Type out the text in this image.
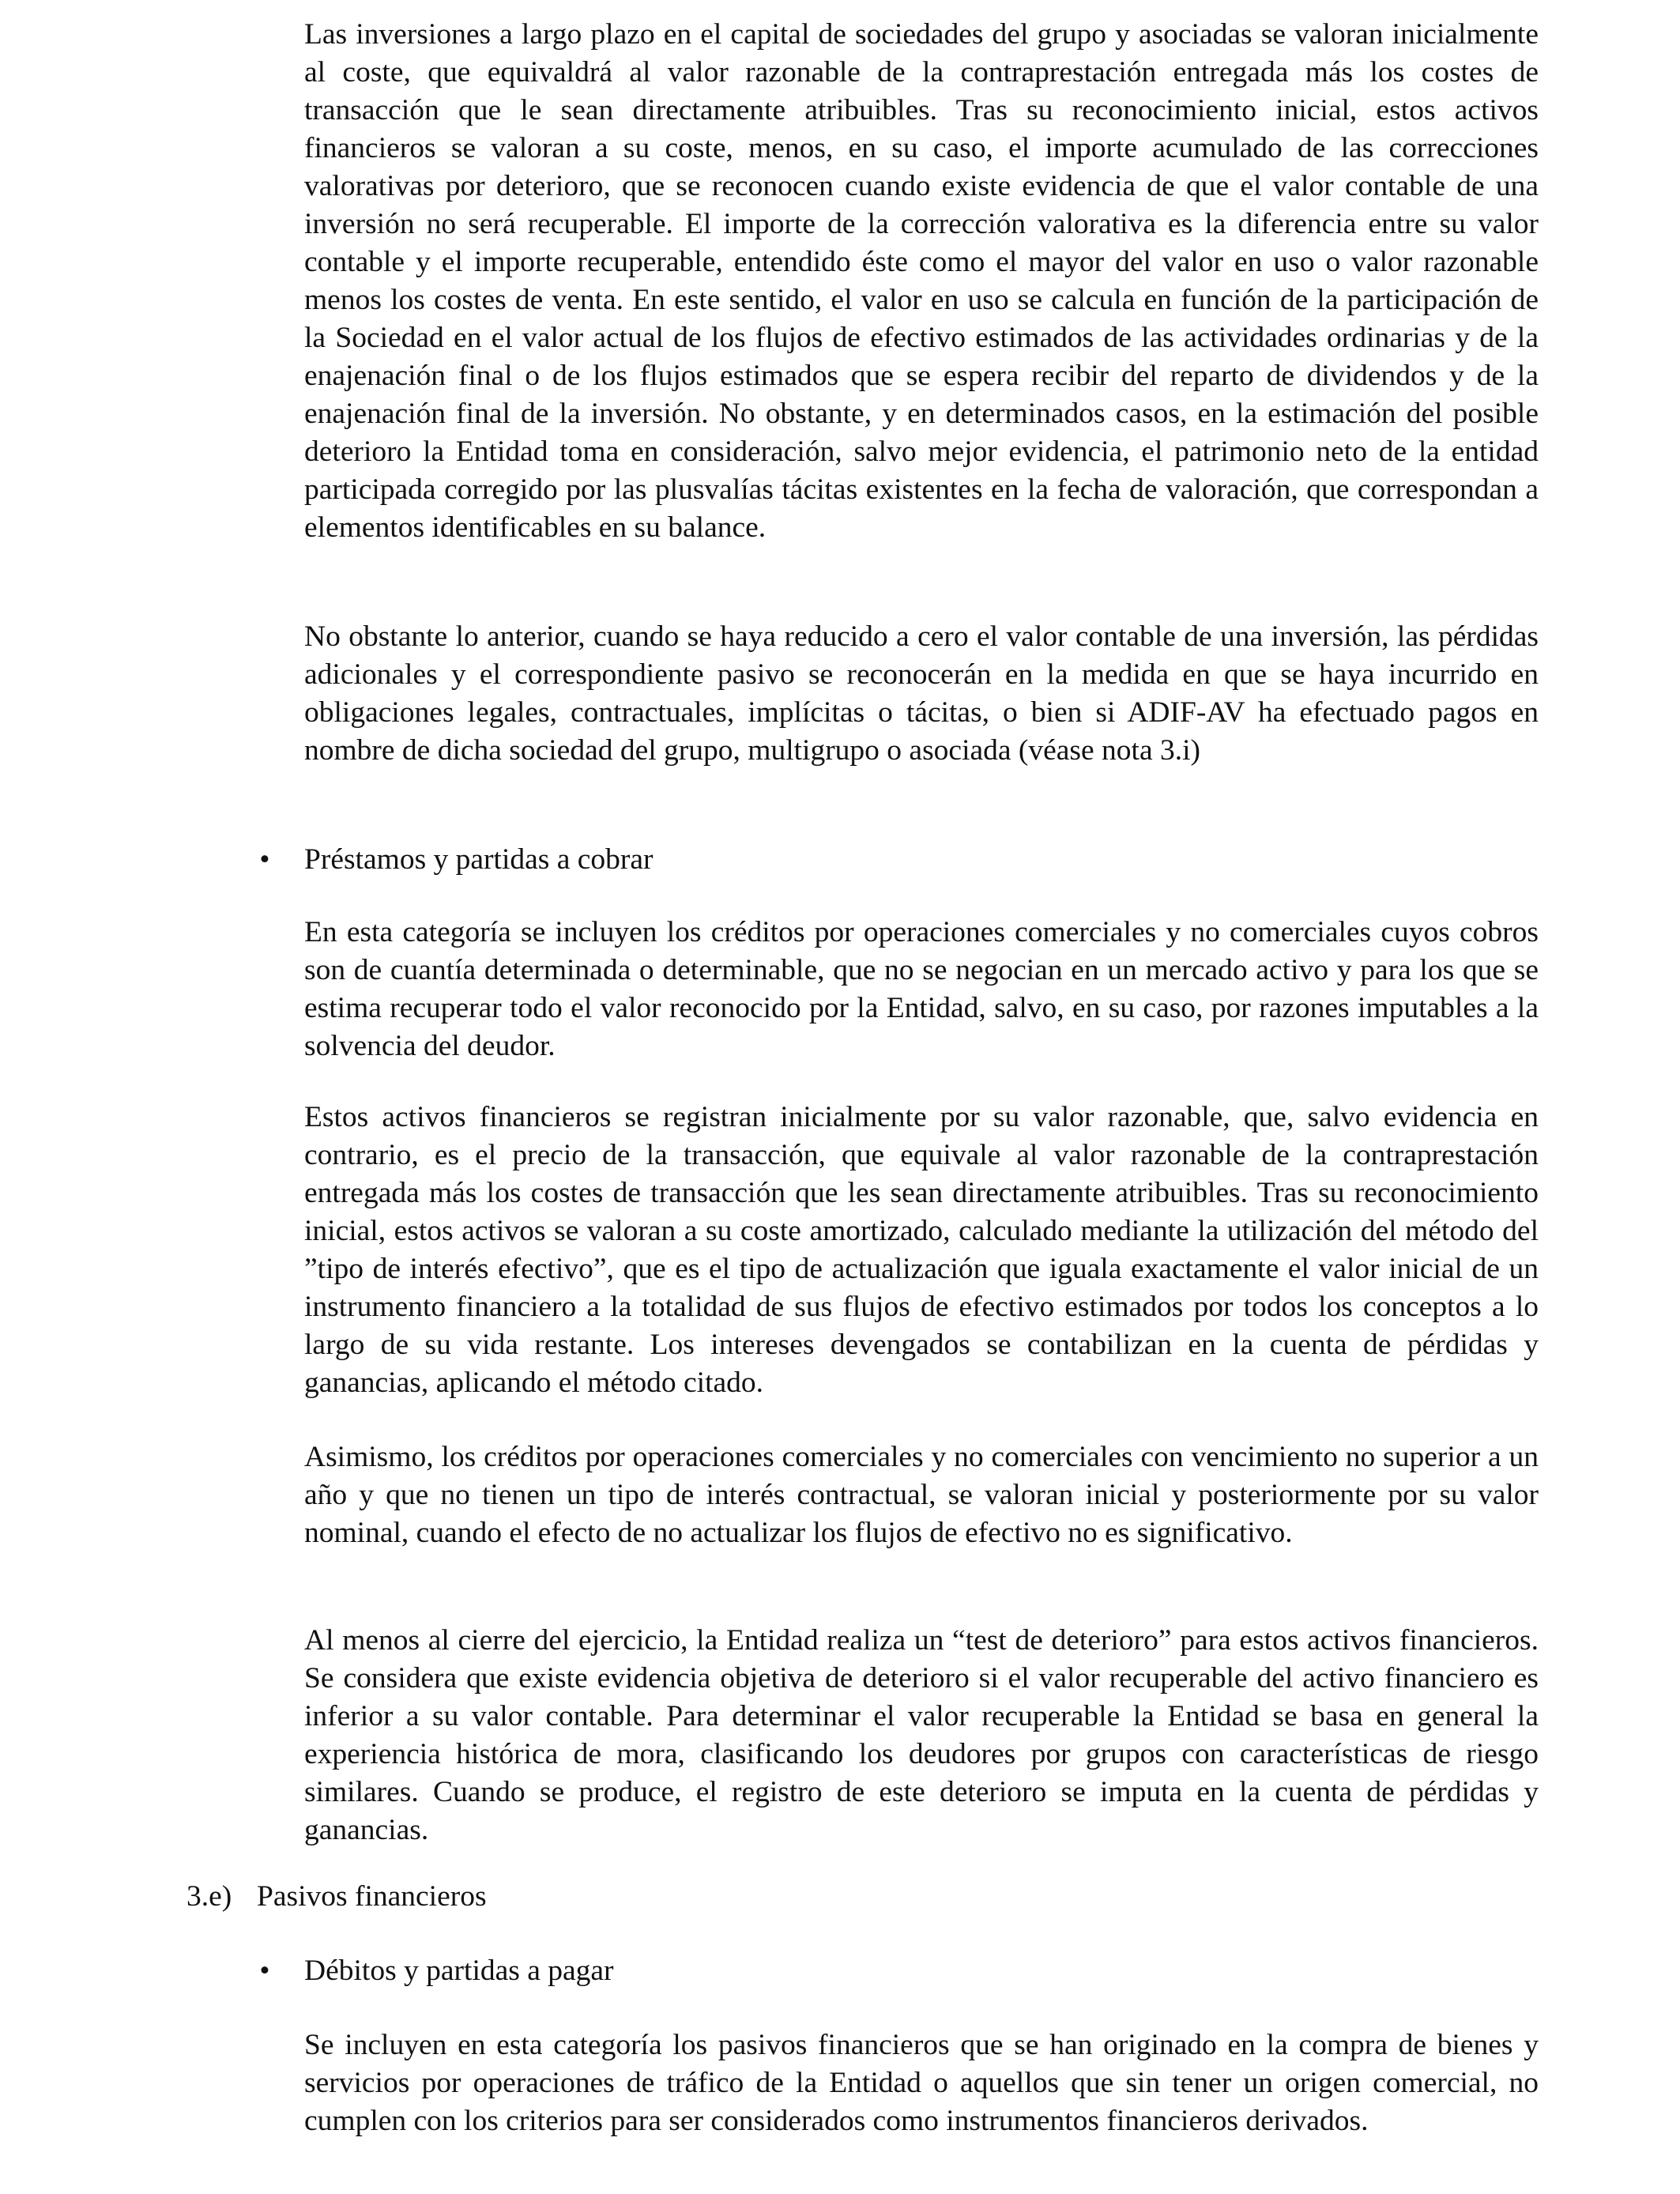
Las inversiones a largo plazo en el capital de sociedades del grupo y asociadas se valoran inicialmente al coste, que equivaldrá al valor razonable de la contraprestación entregada más los costes de transacción que le sean directamente atribuibles. Tras su reconocimiento inicial, estos activos financieros se valoran a su coste, menos, en su caso, el importe acumulado de las correcciones valorativas por deterioro, que se reconocen cuando existe evidencia de que el valor contable de una inversión no será recuperable. El importe de la corrección valorativa es la diferencia entre su valor contable y el importe recuperable, entendido éste como el mayor del valor en uso o valor razonable menos los costes de venta. En este sentido, el valor en uso se calcula en función de la participación de la Sociedad en el valor actual de los flujos de efectivo estimados de las actividades ordinarias y de la enajenación final o de los flujos estimados que se espera recibir del reparto de dividendos y de la enajenación final de la inversión. No obstante, y en determinados casos, en la estimación del posible deterioro la Entidad toma en consideración, salvo mejor evidencia, el patrimonio neto de la entidad participada corregido por las plusvalías tácitas existentes en la fecha de valoración, que correspondan a elementos identificables en su balance.

No obstante lo anterior, cuando se haya reducido a cero el valor contable de una inversión, las pérdidas adicionales y el correspondiente pasivo se reconocerán en la medida en que se haya incurrido en obligaciones legales, contractuales, implícitas o tácitas, o bien si ADIF-AV ha efectuado pagos en nombre de dicha sociedad del grupo, multigrupo o asociada (véase nota 3.i)

• Préstamos y partidas a cobrar

En esta categoría se incluyen los créditos por operaciones comerciales y no comerciales cuyos cobros son de cuantía determinada o determinable, que no se negocian en un mercado activo y para los que se estima recuperar todo el valor reconocido por la Entidad, salvo, en su caso, por razones imputables a la solvencia del deudor.

Estos activos financieros se registran inicialmente por su valor razonable, que, salvo evidencia en contrario, es el precio de la transacción, que equivale al valor razonable de la contraprestación entregada más los costes de transacción que les sean directamente atribuibles. Tras su reconocimiento inicial, estos activos se valoran a su coste amortizado, calculado mediante la utilización del método del ”tipo de interés efectivo”, que es el tipo de actualización que iguala exactamente el valor inicial de un instrumento financiero a la totalidad de sus flujos de efectivo estimados por todos los conceptos a lo largo de su vida restante. Los intereses devengados se contabilizan en la cuenta de pérdidas y ganancias, aplicando el método citado.

Asimismo, los créditos por operaciones comerciales y no comerciales con vencimiento no superior a un año y que no tienen un tipo de interés contractual, se valoran inicial y posteriormente por su valor nominal, cuando el efecto de no actualizar los flujos de efectivo no es significativo.

Al menos al cierre del ejercicio, la Entidad realiza un “test de deterioro” para estos activos financieros. Se considera que existe evidencia objetiva de deterioro si el valor recuperable del activo financiero es inferior a su valor contable. Para determinar el valor recuperable la Entidad se basa en general la experiencia histórica de mora, clasificando los deudores por grupos con características de riesgo similares. Cuando se produce, el registro de este deterioro se imputa en la cuenta de pérdidas y ganancias.

3.e) Pasivos financieros
• Débitos y partidas a pagar

Se incluyen en esta categoría los pasivos financieros que se han originado en la compra de bienes y servicios por operaciones de tráfico de la Entidad o aquellos que sin tener un origen comercial, no cumplen con los criterios para ser considerados como instrumentos financieros derivados.
